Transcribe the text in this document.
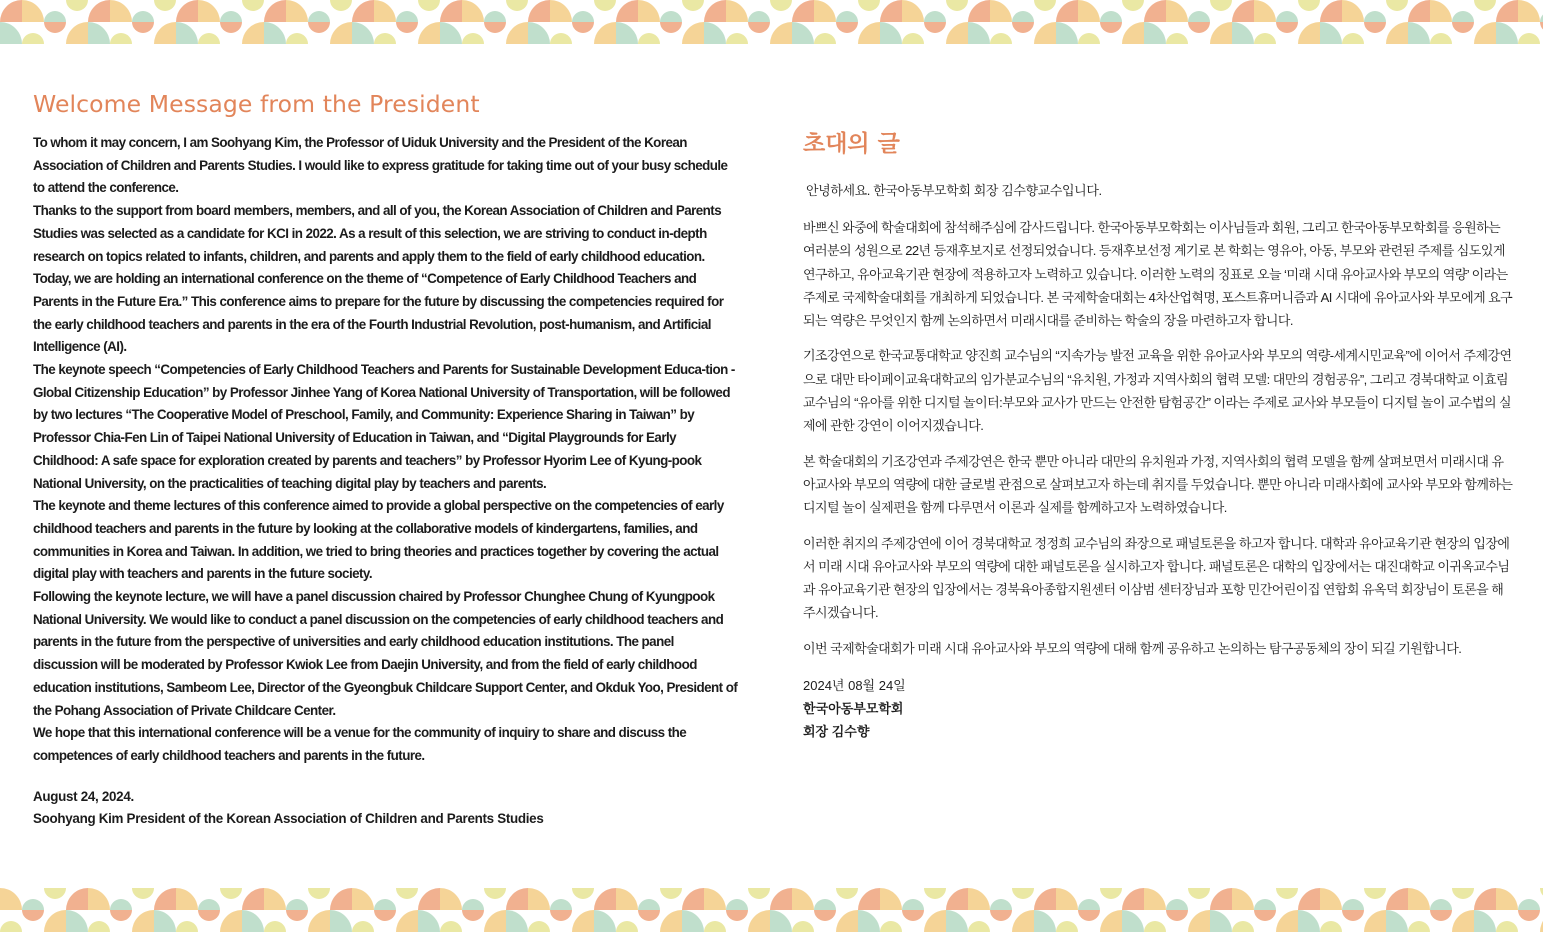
Welcome Message from the President

To whom it may concern, I am Soohyang Kim, the Professor of Uiduk University and the President of the Korean Association of Children and Parents Studies. I would like to express gratitude for taking time out of your busy schedule to attend the conference.

Thanks to the support from board members, members, and all of you, the Korean Association of Children and Parents Studies was selected as a candidate for KCI in 2022. As a result of this selection, we are striving to conduct in-depth research on topics related to infants, children, and parents and apply them to the field of early childhood education.

Today, we are holding an international conference on the theme of “Competence of Early Childhood Teachers and Parents in the Future Era.” This conference aims to prepare for the future by discussing the competencies required for the early childhood teachers and parents in the era of the Fourth Industrial Revolution, post-humanism, and Artificial Intelligence (AI).

The keynote speech “Competencies of Early Childhood Teachers and Parents for Sustainable Development Educa-tion - Global Citizenship Education” by Professor Jinhee Yang of Korea National University of Transportation, will be followed by two lectures “The Cooperative Model of Preschool, Family, and Community: Experience Sharing in Taiwan” by Professor Chia-Fen Lin of Taipei National University of Education in Taiwan, and “Digital Playgrounds for Early Childhood: A safe space for exploration created by parents and teachers” by Professor Hyorim Lee of Kyung-pook National University, on the practicalities of teaching digital play by teachers and parents.

The keynote and theme lectures of this conference aimed to provide a global perspective on the competencies of early childhood teachers and parents in the future by looking at the collaborative models of kindergartens, families, and communities in Korea and Taiwan. In addition, we tried to bring theories and practices together by covering the actual digital play with teachers and parents in the future society.

Following the keynote lecture, we will have a panel discussion chaired by Professor Chunghee Chung of Kyungpook National University. We would like to conduct a panel discussion on the competencies of early childhood teachers and parents in the future from the perspective of universities and early childhood education institutions. The panel discussion will be moderated by Professor Kwiok Lee from Daejin University, and from the field of early childhood education institutions, Sambeom Lee, Director of the Gyeongbuk Childcare Support Center, and Okduk Yoo, President of the Pohang Association of Private Childcare Center.

We hope that this international conference will be a venue for the community of inquiry to share and discuss the competences of early childhood teachers and parents in the future.

August 24, 2024.
Soohyang Kim President of the Korean Association of Children and Parents Studies
초대의 글

안녕하세요. 한국아동부모학회 회장 김수향교수입니다.

바쁘신 와중에 학술대회에 참석해주심에 감사드립니다. 한국아동부모학회는 이사님들과 회원, 그리고 한국아동부모학회를 응원하는 여러분의 성원으로 22년 등재후보지로 선정되었습니다. 등재후보선정 계기로 본 학회는 영유아, 아동, 부모와 관련된 주제를 심도있게 연구하고, 유아교육기관 현장에 적용하고자 노력하고 있습니다. 이러한 노력의 징표로 오늘 ‘미래 시대 유아교사와 부모의 역량’ 이라는 주제로 국제학술대회를 개최하게 되었습니다. 본 국제학술대회는 4차산업혁명, 포스트휴머니즘과 AI 시대에 유아교사와 부모에게 요구되는 역량은 무엇인지 함께 논의하면서 미래시대를 준비하는 학술의 장을 마련하고자 합니다.

기조강연으로 한국교통대학교 양진희 교수님의 “지속가능 발전 교육을 위한 유아교사와 부모의 역량-세계시민교육”에 이어서 주제강연으로 대만 타이페이교육대학교의 임가분교수님의 “유치원, 가정과 지역사회의 협력 모델: 대만의 경험공유”, 그리고 경북대학교 이효림교수님의 “유아를 위한 디지털 놀이터:부모와 교사가 만드는 안전한 탐험공간” 이라는 주제로 교사와 부모들이 디지털 놀이 교수법의 실제에 관한 강연이 이어지겠습니다.

본 학술대회의 기조강연과 주제강연은 한국 뿐만 아니라 대만의 유치원과 가정, 지역사회의 협력 모델을 함께 살펴보면서 미래시대 유아교사와 부모의 역량에 대한 글로벌 관점으로 살펴보고자 하는데 취지를 두었습니다. 뿐만 아니라 미래사회에 교사와 부모와 함께하는 디지털 놀이 실제편을 함께 다루면서 이론과 실제를 함께하고자 노력하였습니다.

이러한 취지의 주제강연에 이어 경북대학교 정정희 교수님의 좌장으로 패널토론을 하고자 합니다. 대학과 유아교육기관 현장의 입장에서 미래 시대 유아교사와 부모의 역량에 대한 패널토론을 실시하고자 합니다. 패널토론은 대학의 입장에서는 대진대학교 이귀옥교수님과 유아교육기관 현장의 입장에서는 경북육아종합지원센터 이삼범 센터장님과 포항 민간어린이집 연합회 유옥덕 회장님이 토론을 해주시겠습니다.

이번 국제학술대회가 미래 시대 유아교사와 부모의 역량에 대해 함께 공유하고 논의하는 탐구공동체의 장이 되길 기원합니다.

2024년 08월 24일
한국아동부모학회
회장 김수향
